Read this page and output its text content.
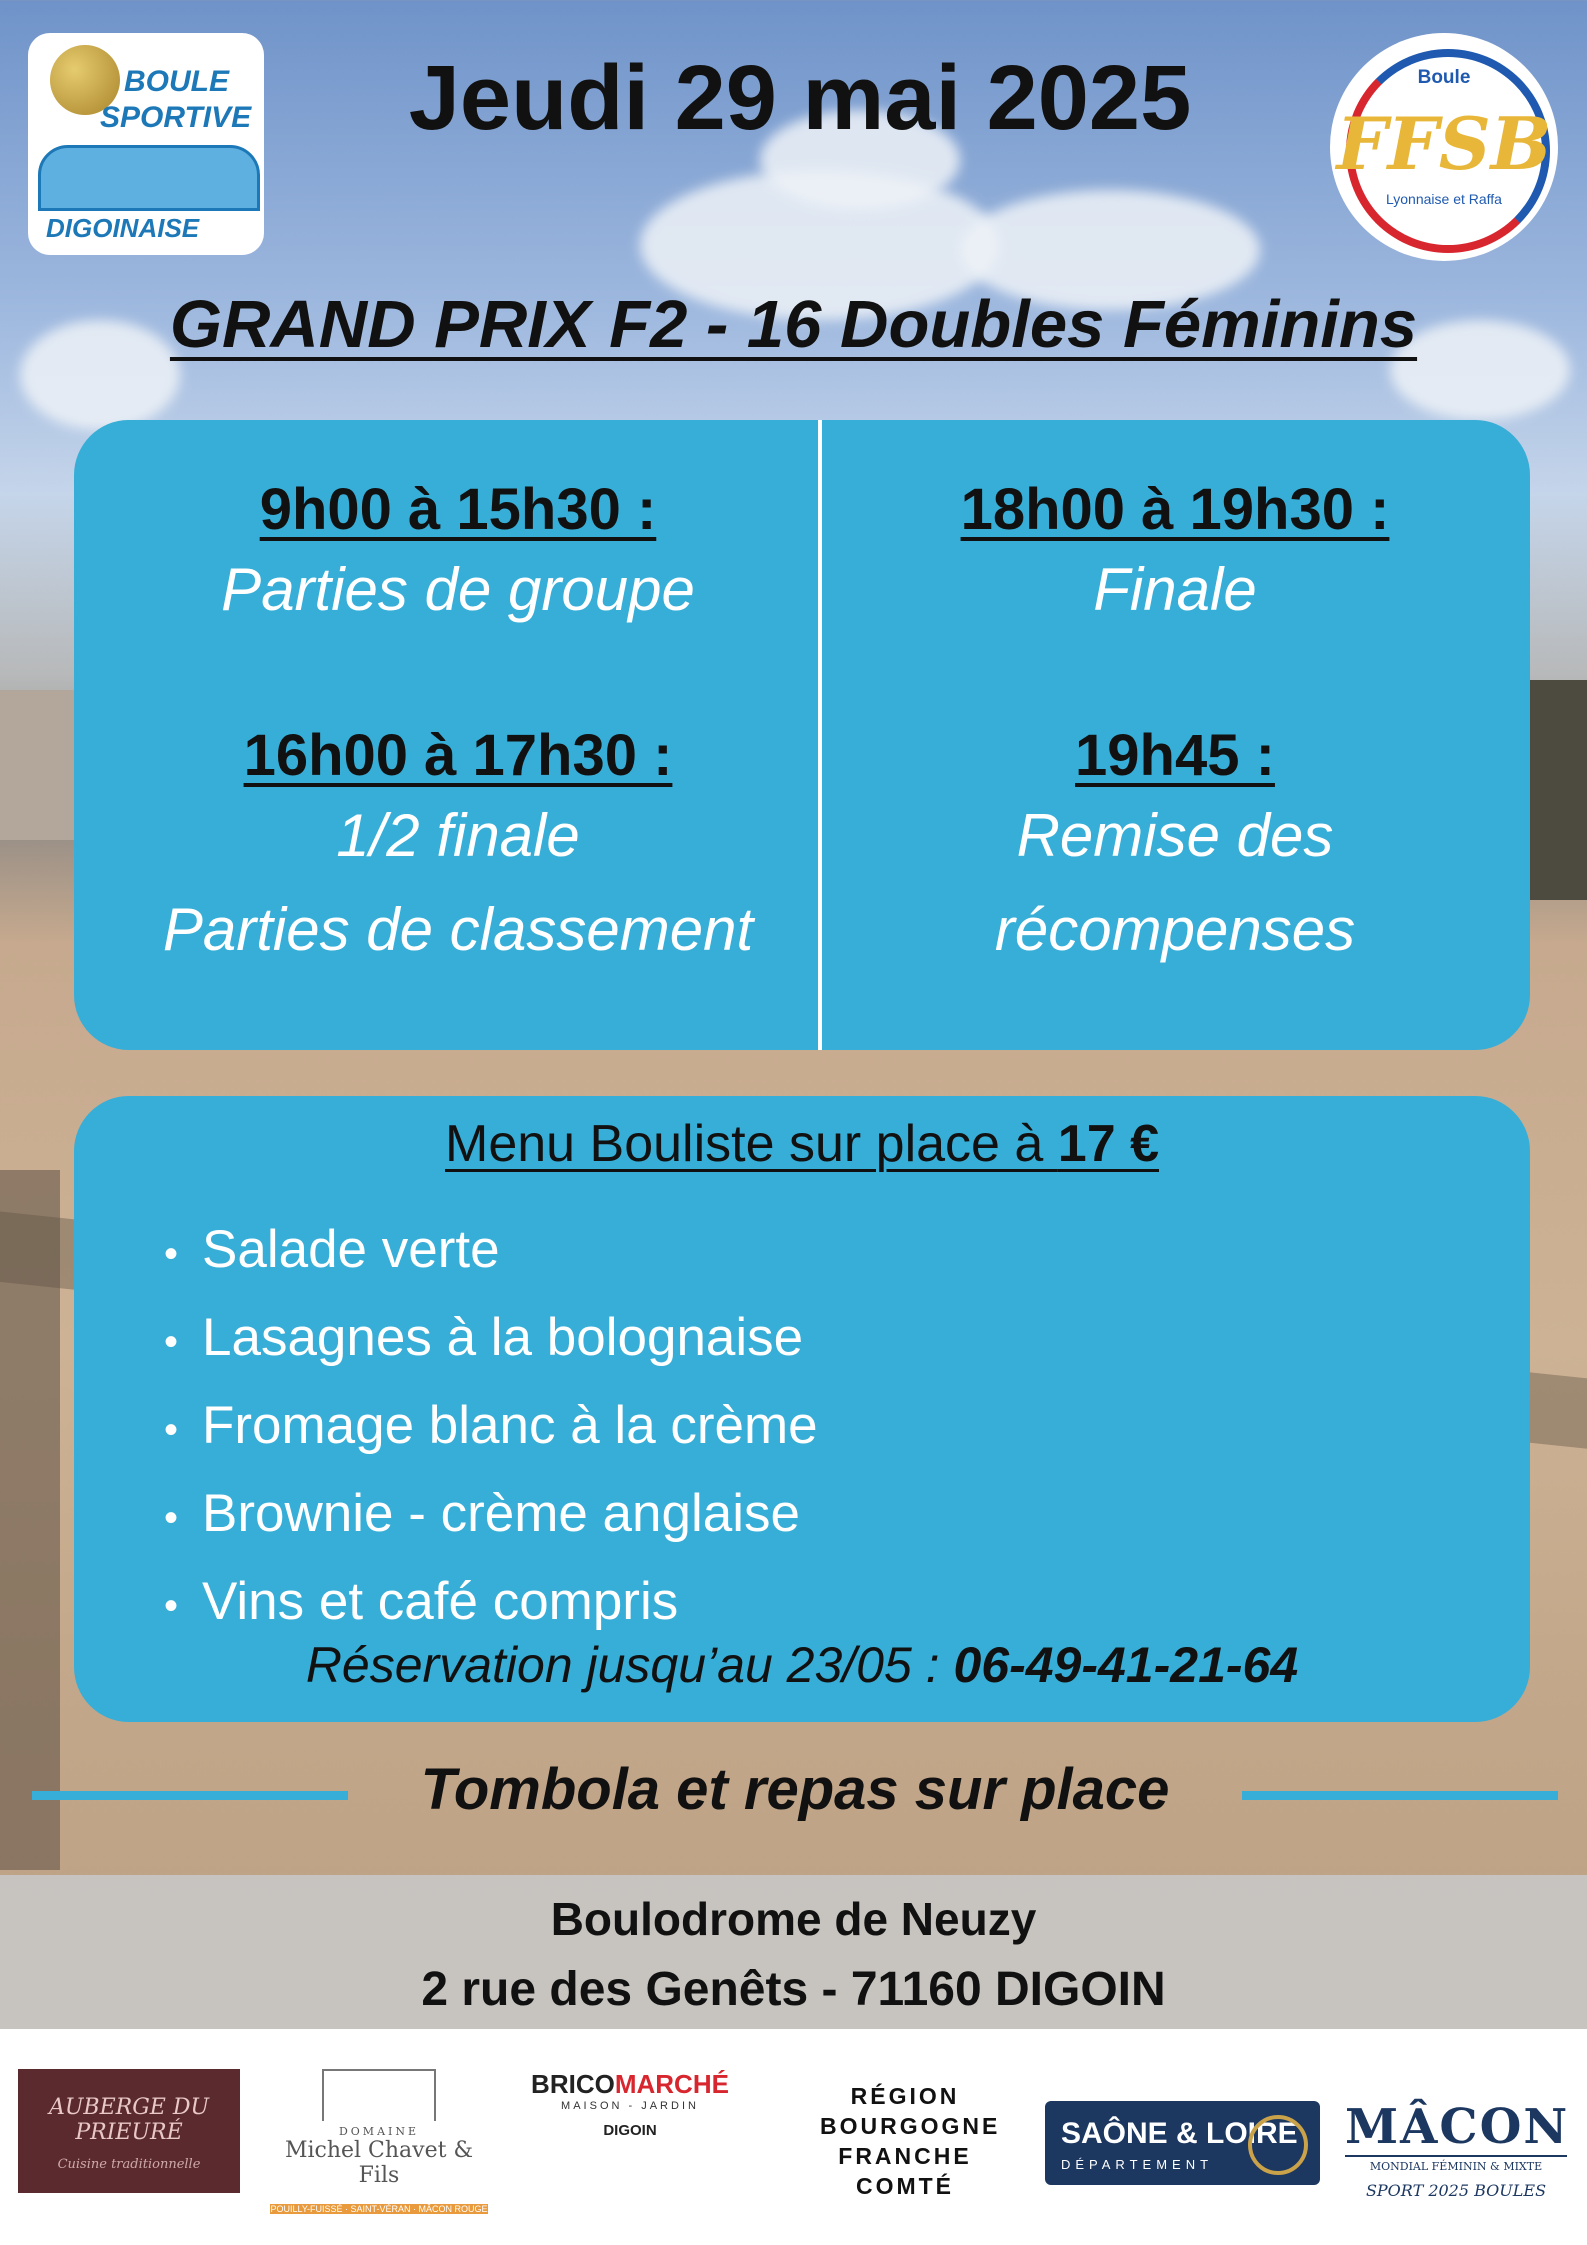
BOULE
SPORTIVE
DIGOINAISE
Jeudi 29 mai 2025	Boule
FFSB
Lyonnaise et Raffa
GRAND PRIX F2 - 16 Doubles Féminins
9h00 à 15h30 :
Parties de groupe
18h00 à 19h30 :
Finale
16h00 à 17h30 :
1/2 finale
Parties de classement
19h45 :
Remise des
récompenses
Menu Bouliste sur place à 17 €
• Salade verte
• Lasagnes à la bolognaise
• Fromage blanc à la crème
• Brownie - crème anglaise
• Vins et café compris
Réservation jusqu’au 23/05 : 06-49-41-21-64
Tombola et repas sur place
Boulodrome de Neuzy
2 rue des Genêts - 71160 DIGOIN
AUBERGE DU PRIEURÉ
Cuisine traditionnelle
DOMAINE
Michel Chavet & Fils
POUILLY-FUISSÉ · SAINT-VÉRAN · MÂCON ROUGE
BRICOMARCHÉ
MAISON - JARDIN
DIGOIN
RÉGION
BOURGOGNE
FRANCHE
COMTÉ
SAÔNE & LOIRE
DÉPARTEMENT
MÂCON
MONDIAL FÉMININ & MIXTE
SPORT 2025 BOULES
